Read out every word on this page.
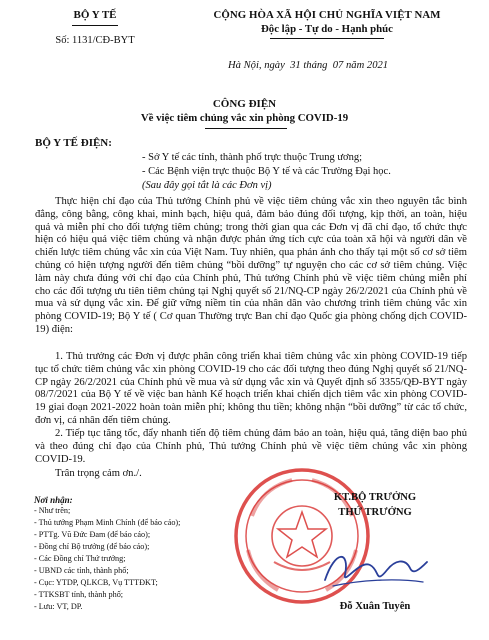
BỘ Y TẾ
Số: 1131/CĐ-BYT
CỘNG HÒA XÃ HỘI CHỦ NGHĨA VIỆT NAM
Độc lập - Tự do - Hạnh phúc
Hà Nội, ngày  31 tháng  07 năm 2021
CÔNG ĐIỆN
Về việc tiêm chủng vắc xin phòng COVID-19
BỘ Y TẾ ĐIỆN:
- Sở Y tế các tỉnh, thành phố trực thuộc Trung ương;
- Các Bệnh viện trực thuộc Bộ Y tế và các Trường Đại học.
(Sau đây gọi tắt là các Đơn vị)
Thực hiện chỉ đạo của Thủ tướng Chính phủ về việc tiêm chủng vắc xin theo nguyên tắc bình đẳng, công bằng, công khai, minh bạch, hiệu quả, đảm bảo đúng đối tượng, kịp thời, an toàn, hiệu quả và miễn phí cho đối tượng tiêm chủng; trong thời gian qua các Đơn vị đã chỉ đạo, tổ chức thực hiện có hiệu quả việc tiêm chủng và nhận được phản ứng tích cực của toàn xã hội và người dân về chiến lược tiêm chủng vắc xin của Việt Nam. Tuy nhiên, qua phản ánh cho thấy tại một số cơ sở tiêm chủng có hiện tượng người đến tiêm chủng “bồi dưỡng” tự nguyện cho các cơ sở tiêm chủng. Việc làm này chưa đúng với chỉ đạo của Chính phủ, Thủ tướng Chính phủ về việc tiêm chủng miễn phí cho các đối tượng ưu tiên tiêm chủng tại Nghị quyết số 21/NQ-CP ngày 26/2/2021 của Chính phủ về mua và sử dụng vắc xin. Để giữ vững niềm tin của nhân dân vào chương trình tiêm chủng vắc xin phòng COVID-19; Bộ Y tế ( Cơ quan Thường trực Ban chỉ đạo Quốc gia phòng chống dịch COVID-19) điện:
1. Thủ trưởng các Đơn vị được phân công triển khai tiêm chủng vắc xin phòng COVID-19 tiếp tục tổ chức tiêm chủng vắc xin phòng COVID-19 cho các đối tượng theo đúng Nghị quyết số 21/NQ-CP ngày 26/2/2021 của Chính phủ về mua và sử dụng vắc xin và Quyết định số 3355/QĐ-BYT ngày 08/7/2021 của Bộ Y tế về việc ban hành Kế hoạch triển khai chiến dịch tiêm vắc xin phòng COVID-19 giai đoạn 2021-2022 hoàn toàn miễn phí; không thu tiền; không nhận “bồi dưỡng” từ các tổ chức, đơn vị, cá nhân đến tiêm chủng.
2. Tiếp tục tăng tốc, đẩy nhanh tiến độ tiêm chủng đảm bảo an toàn, hiệu quả, tăng diện bao phủ và theo đúng chỉ đạo của Chính phủ, Thủ tướng Chính phủ về việc tiêm chủng vắc xin phòng COVID-19.
Trân trọng cảm ơn./.
Nơi nhận:
- Như trên;
- Thủ tướng Phạm Minh Chính (để báo cáo);
- PTTg. Vũ Đức Đam (để báo cáo);
- Đồng chí Bộ trưởng (để báo cáo);
- Các Đồng chí Thứ trưởng;
- UBND các tỉnh, thành phố;
- Cục: YTDP, QLKCB, Vụ TTTĐKT;
- TTKSBT tỉnh, thành phố;
- Lưu: VT, DP.
KT.BỘ TRƯỞNG
THỨ TRƯỞNG
Đỗ Xuân Tuyên
